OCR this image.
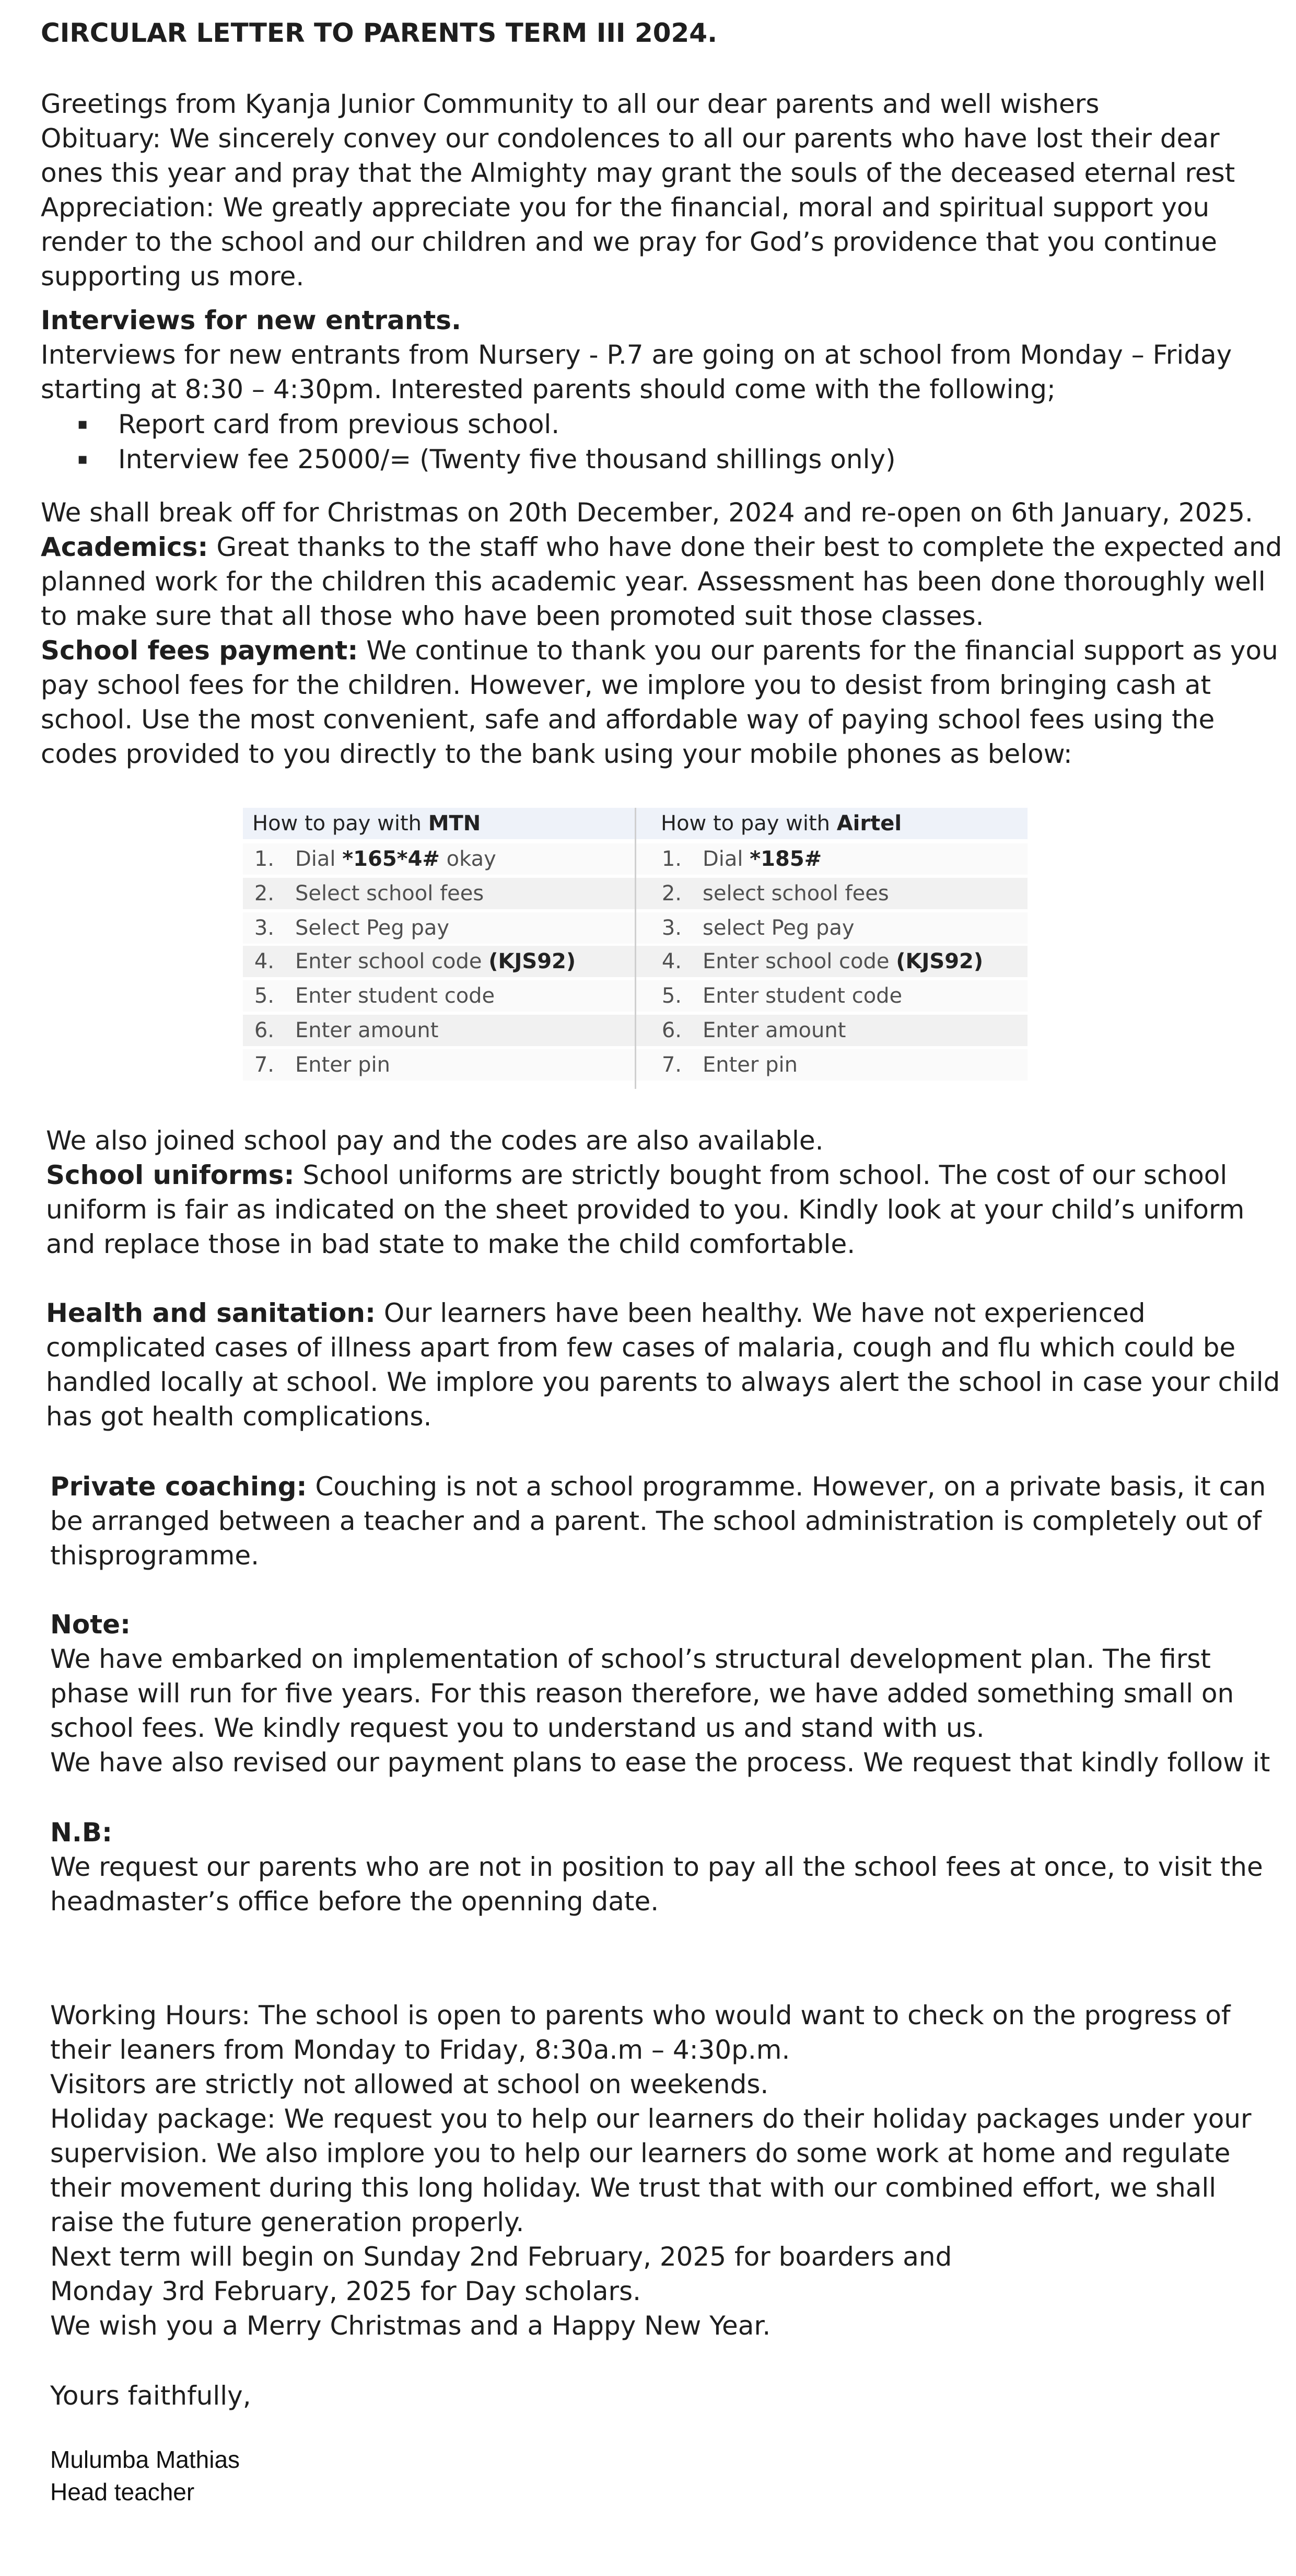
CIRCULAR LETTER TO PARENTS TERM III 2024.
Greetings from Kyanja Junior Community to all our dear parents and well wishers
Obituary: We sincerely convey our condolences to all our parents who have lost their dear
ones this year and pray that the Almighty may grant the souls of the deceased eternal rest
Appreciation: We greatly appreciate you for the financial, moral and spiritual support you
render to the school and our children and we pray for God’s providence that you continue
supporting us more.
Interviews for new entrants.
Interviews for new entrants from Nursery - P.7 are going on at school from Monday – Friday
starting at 8:30 – 4:30pm. Interested parents should come with the following;
▪ Report card from previous school.
▪ Interview fee 25000/= (Twenty five thousand shillings only)
We shall break off for Christmas on 20th December, 2024 and re-open on 6th January, 2025.
Academics: Great thanks to the staff who have done their best to complete the expected and
planned work for the children this academic year. Assessment has been done thoroughly well
to make sure that all those who have been promoted suit those classes.
School fees payment: We continue to thank you our parents for the financial support as you
pay school fees for the children. However, we implore you to desist from bringing cash at
school. Use the most convenient, safe and affordable way of paying school fees using the
codes provided to you directly to the bank using your mobile phones as below:
How to pay with MTN	How to pay with Airtel
1. Dial *165*4# okay	1. Dial *185#
2. Select school fees	2. select school fees
3. Select Peg pay	3. select Peg pay
4. Enter school code (KJS92)	4. Enter school code (KJS92)
5. Enter student code	5. Enter student code
6. Enter amount	6. Enter amount
7. Enter pin	7. Enter pin
We also joined school pay and the codes are also available.
School uniforms: School uniforms are strictly bought from school. The cost of our school
uniform is fair as indicated on the sheet provided to you. Kindly look at your child’s uniform
and replace those in bad state to make the child comfortable.
Health and sanitation: Our learners have been healthy. We have not experienced
complicated cases of illness apart from few cases of malaria, cough and flu which could be
handled locally at school. We implore you parents to always alert the school in case your child
has got health complications.
Private coaching: Couching is not a school programme. However, on a private basis, it can
be arranged between a teacher and a parent. The school administration is completely out of
thisprogramme.
Note:
We have embarked on implementation of school’s structural development plan. The first
phase will run for five years. For this reason therefore, we have added something small on
school fees. We kindly request you to understand us and stand with us.
We have also revised our payment plans to ease the process. We request that kindly follow it
N.B:
We request our parents who are not in position to pay all the school fees at once, to visit the
headmaster’s office before the openning date.
Working Hours: The school is open to parents who would want to check on the progress of
their leaners from Monday to Friday, 8:30a.m – 4:30p.m.
Visitors are strictly not allowed at school on weekends.
Holiday package: We request you to help our learners do their holiday packages under your
supervision. We also implore you to help our learners do some work at home and regulate
their movement during this long holiday. We trust that with our combined effort, we shall
raise the future generation properly.
Next term will begin on Sunday 2nd February, 2025 for boarders and
Monday 3rd February, 2025 for Day scholars.
We wish you a Merry Christmas and a Happy New Year.
Yours faithfully,
Mulumba Mathias
Head teacher
